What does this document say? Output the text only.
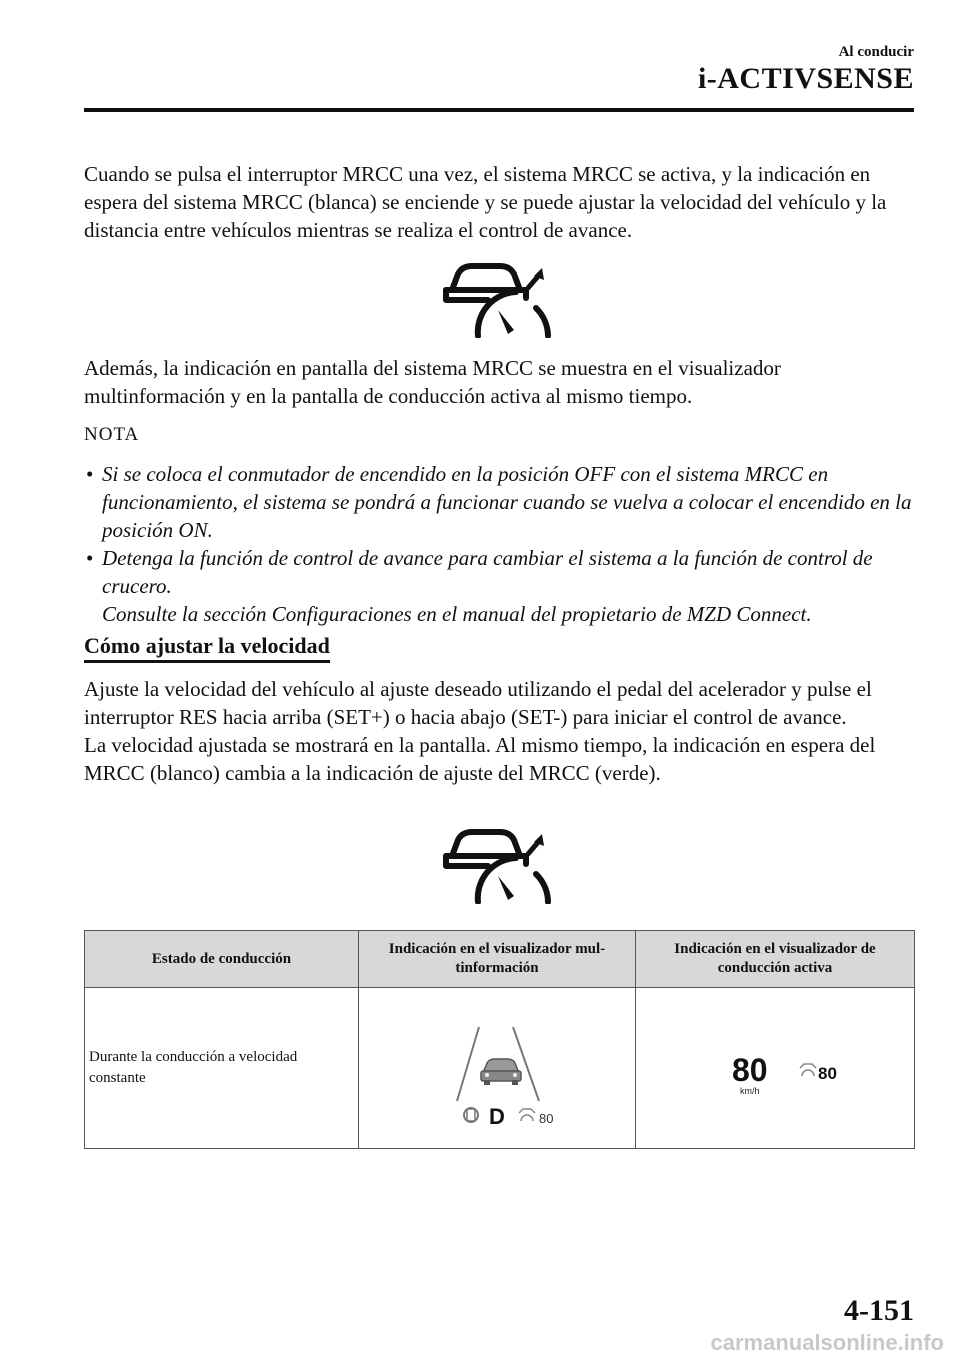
Al conducir
i-ACTIVSENSE
Cuando se pulsa el interruptor MRCC una vez, el sistema MRCC se activa, y la indicación en espera del sistema MRCC (blanca) se enciende y se puede ajustar la velocidad del vehículo y la distancia entre vehículos mientras se realiza el control de avance.
Además, la indicación en pantalla del sistema MRCC se muestra en el visualizador multinformación y en la pantalla de conducción activa al mismo tiempo.
NOTA
• Si se coloca el conmutador de encendido en la posición OFF con el sistema MRCC en funcionamiento, el sistema se pondrá a funcionar cuando se vuelva a colocar el encendido en la posición ON.
• Detenga la función de control de avance para cambiar el sistema a la función de control de crucero.
Consulte la sección Configuraciones en el manual del propietario de MZD Connect.
Cómo ajustar la velocidad
Ajuste la velocidad del vehículo al ajuste deseado utilizando el pedal del acelerador y pulse el interruptor RES hacia arriba (SET+) o hacia abajo (SET-) para iniciar el control de avance.
La velocidad ajustada se mostrará en la pantalla. Al mismo tiempo, la indicación en espera del MRCC (blanco) cambia a la indicación de ajuste del MRCC (verde).
Estado de conducción	Indicación en el visualizador mul-tinformación	Indicación en el visualizador de conducción activa

Durante la conducción a velocidad constante	D 80	80
km/h
80
4-151
carmanualsonline.info
